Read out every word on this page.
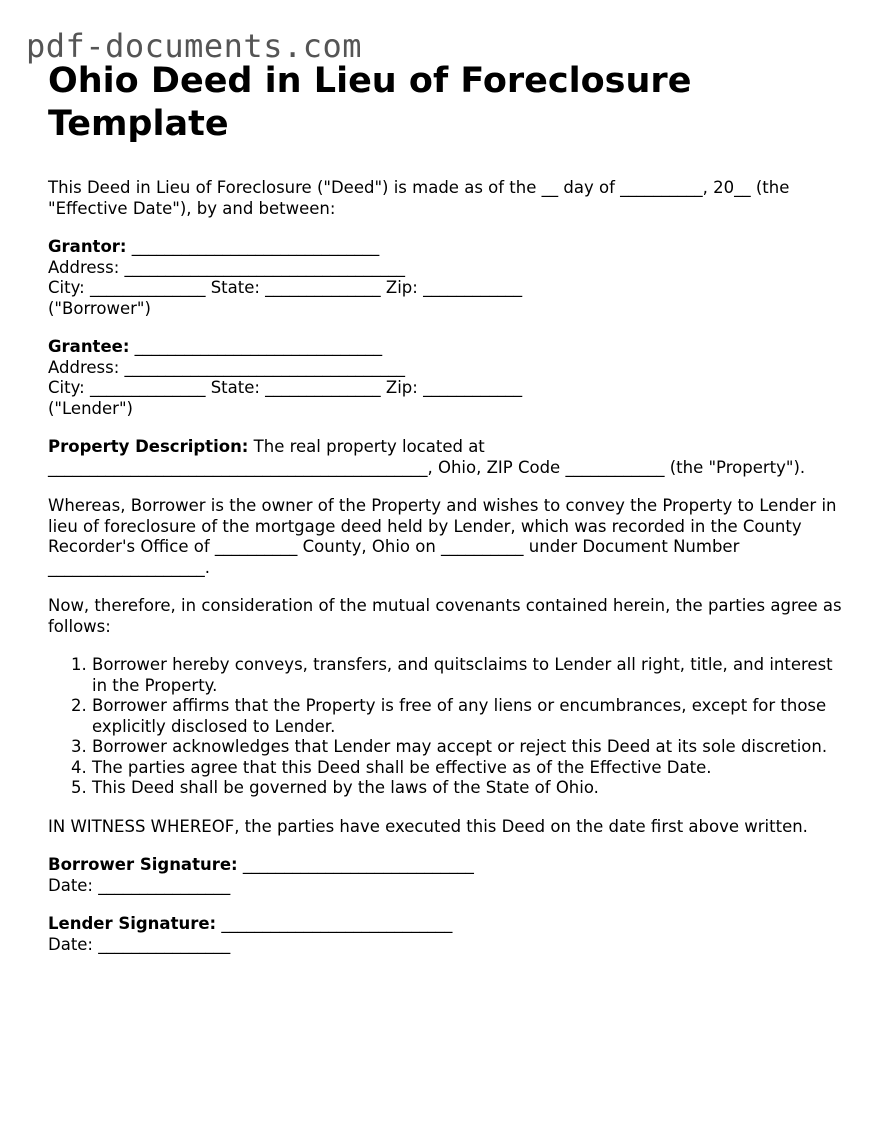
pdf-documents.com
Ohio Deed in Lieu of Foreclosure Template

This Deed in Lieu of Foreclosure ("Deed") is made as of the __ day of __________, 20__ (the "Effective Date"), by and between:

Grantor: ______________________________
Address: __________________________________
City: ______________ State: ______________ Zip: ____________
("Borrower")
Grantee: ______________________________
Address: __________________________________
City: ______________ State: ______________ Zip: ____________
("Lender")

Property Description: The real property located at ______________________________________________, Ohio, ZIP Code ____________ (the "Property").

Whereas, Borrower is the owner of the Property and wishes to convey the Property to Lender in lieu of foreclosure of the mortgage deed held by Lender, which was recorded in the County Recorder's Office of __________ County, Ohio on __________ under Document Number ___________________.

Now, therefore, in consideration of the mutual covenants contained herein, the parties agree as follows:

1. Borrower hereby conveys, transfers, and quitsclaims to Lender all right, title, and interest in the Property.
2. Borrower affirms that the Property is free of any liens or encumbrances, except for those explicitly disclosed to Lender.
3. Borrower acknowledges that Lender may accept or reject this Deed at its sole discretion.
4. The parties agree that this Deed shall be effective as of the Effective Date.
5. This Deed shall be governed by the laws of the State of Ohio.

IN WITNESS WHEREOF, the parties have executed this Deed on the date first above written.

Borrower Signature: ____________________________
Date: ________________
Lender Signature: ____________________________
Date: ________________
